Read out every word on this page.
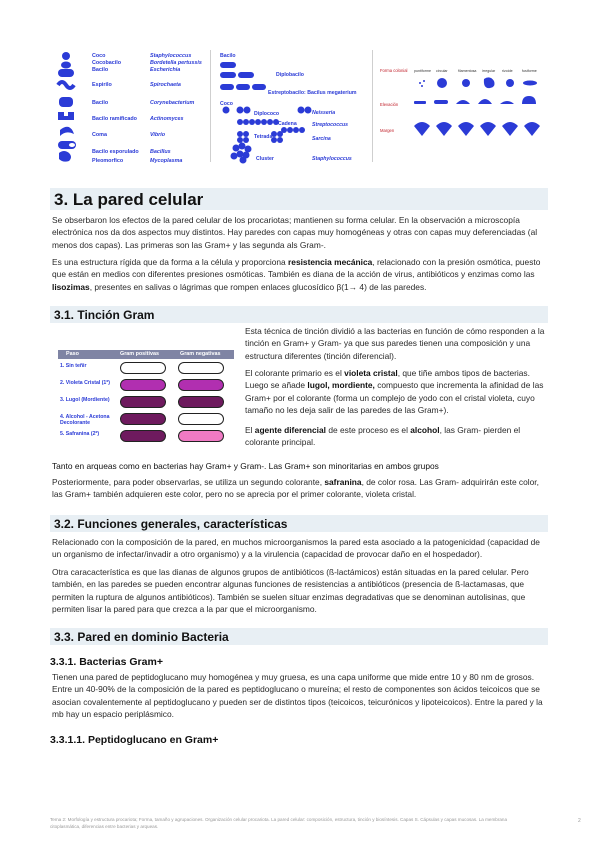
Coco	Staphylococcus
Cocobacilo	Bordetella pertussis
Bacilo	Escherichia
Espirilo	Spirochaeta
Bacilo	Corynebacterium
Bacilo ramificado Actinomyces
Coma	Vibrio
Bacilo esporulado Bacillus
Pleomorfico	Mycoplasma
Bacilo
Diplobacilo
Estreptobacilo: Bacilus megaterium
Coco
Diplococo	Neisseria
Cadena	Streptococcus
Tetrada	Sarcina
Cluster	Staphylococcus
Forma colonial
Elevación
Margen
puntiforme circular	filamentosa irregular rizoide	fusiforme
3. La pared celular
Se obserbaron los efectos de la pared celular de los procariotas; mantienen su forma celular. En la observación a microscopía electrónica nos da dos aspectos muy distintos. Hay paredes con capas muy homogéneas y otras con capas muy deferenciadas (al menos dos capas). Las primeras son las Gram+ y las segunda als Gram-.
Es una estructura rígida que da forma a la célula y proporciona resistencia mecánica, relacionado con la presión osmótica, puesto que están en medios con diferentes presiones osmóticas. También es diana de la acción de virus, antibióticos y enzimas como las lisozimas, presentes en salivas o lágrimas que rompen enlaces glucosídico β(1→ 4) de las paredes.
3.1. Tinción Gram
Paso	Gram positivas	Gram negativas
1. Sin teñir
2. Violeta Cristal (1º)
3. Lugol (Mordiente)
4. Alcohol - Acetona Decolorante
5. Safranina (2º)
Esta técnica de tinción dividió a las bacterias en función de cómo responden a la tinción en Gram+ y Gram- ya que sus paredes tienen una composición y una estructura diferentes (tinción diferencial).
El colorante primario es el violeta cristal, que tiñe ambos tipos de bacterias. Luego se añade lugol, mordiente, compuesto que incrementa la afinidad de las Gram+ por el colorante (forma un complejo de yodo con el cristal violeta, cuyo tamaño no les deja salir de las paredes de las Gram+).
El agente diferencial de este proceso es el alcohol, las Gram- pierden el colorante principal.
Tanto en arqueas como en bacterias hay Gram+ y Gram-. Las Gram+ son minoritarias en ambos grupos
Posteriormente, para poder observarlas, se utiliza un segundo colorante, safranina, de color rosa. Las Gram- adquirirán este color, las Gram+ también adquieren este color, pero no se aprecia por el primer colorante, violeta cristal.
3.2. Funciones generales, características
Relacionado con la composición de la pared, en muchos microorganismos la pared esta asociado a la patogenicidad (capacidad de un organismo de infectar/invadir a otro organismo) y a la virulencia (capacidad de provocar daño en el hospedador).
Otra caracacterística es que las dianas de algunos grupos de antibióticos (ß-lactámicos) están situadas en la pared celular. Pero también, en las paredes se pueden encontrar algunas funciones de resistencias a antibióticos (presencia de ß-lactamasas, que permiten la ruptura de algunos antibióticos). También se suelen situar enzimas degradativas que se denominan autolisinas, que permiten lisar la pared para que crezca a la par que el microorganismo.
3.3. Pared en dominio Bacteria
3.3.1. Bacterias Gram+
Tienen una pared de peptidoglucano muy homogénea y muy gruesa, es una capa uniforme que mide entre 10 y 80 nm de grosos. Entre un 40-90% de la composición de la pared es peptidoglucano o mureína; el resto de componentes son ácidos teicoicos que se asocian covalentemente al peptidoglucano y pueden ser de distintos tipos (teicoicos, teicurónicos y lipoteicoicos). Entre la pared y la mb hay un espacio periplásmico.
3.3.1.1. Peptidoglucano en Gram+
Tema 2: Morfología y estructura procariota; Forma, tamaño y agrupaciones. Organización celular procariota. La pared celular: composición, estructura, tinción y biosíntesis. Capas S. Cápsulas y capas mucosas. La membrana citoplasmática, diferencias entre bacterias y arqueas.
2
